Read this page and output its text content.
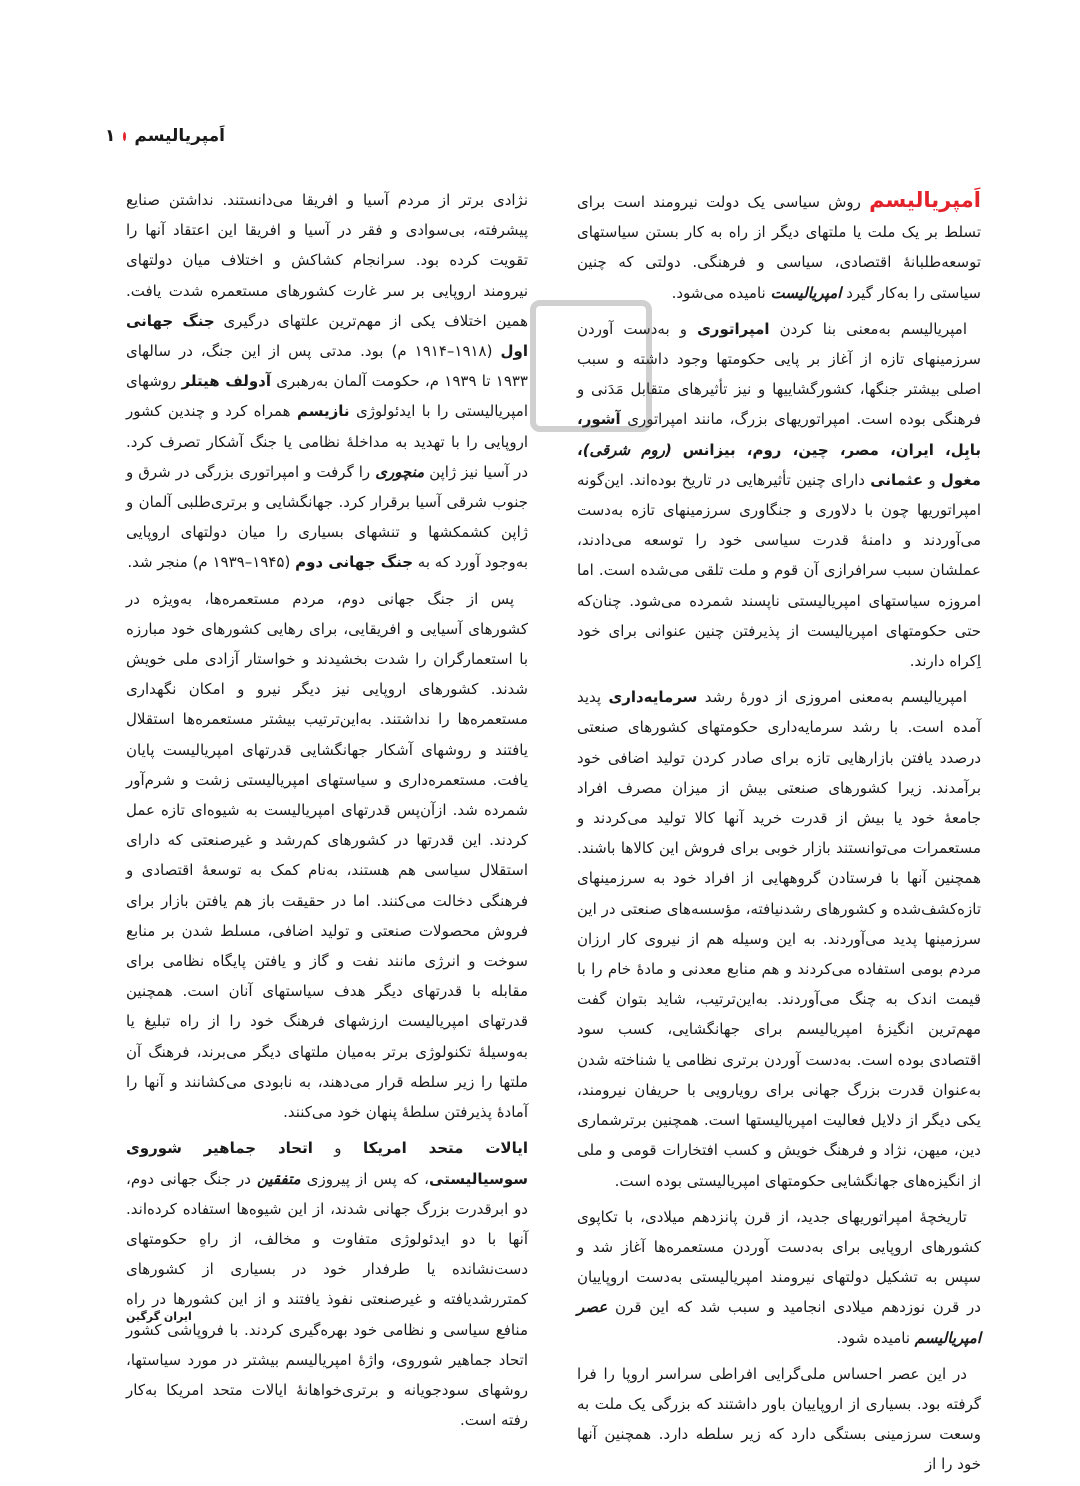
اَمپریالیسم
۱

اَمپریالیسم روش سیاسی یک دولت نیرومند است برای تسلط بر یک ملت یا ملتهای دیگر از راه به کار بستن سیاستهای توسعه‌طلبانهٔ اقتصادی، سیاسی و فرهنگی. دولتی که چنین سیاستی را به‌کار گیرد امپریالیست نامیده می‌شود.

امپریالیسم به‌معنی بنا کردن امپراتوری و به‌دست آوردن سرزمینهای تازه از آغاز بر پایی حکومتها وجود داشته و سبب اصلی بیشتر جنگها، کشورگشاییها و نیز تأثیرهای متقابل مَدَنی و فرهنگی بوده است. امپراتوریهای بزرگ، مانند امپراتوری آشور، بابِل، ایران، مصر، چین، روم، بیزانس (روم شرقی)، مغول و عثمانی دارای چنین تأثیرهایی در تاریخ بوده‌اند. این‌گونه امپراتوریها چون با دلاوری و جنگاوری سرزمینهای تازه به‌دست می‌آوردند و دامنهٔ قدرت سیاسی خود را توسعه می‌دادند، عملشان سبب سرافرازی آن قوم و ملت تلقی می‌شده است. اما امروزه سیاستهای امپریالیستی ناپسند شمرده می‌شود. چنان‌که حتی حکومتهای امپریالیست از پذیرفتن چنین عنوانی برای خود اِکراه دارند.

امپریالیسم به‌معنی امروزی از دورهٔ رشد سرمایه‌داری پدید آمده است. با رشد سرمایه‌داری حکومتهای کشورهای صنعتی درصدد یافتن بازارهایی تازه برای صادر کردن تولید اضافی خود برآمدند. زیرا کشورهای صنعتی بیش از میزان مصرف افراد جامعهٔ خود یا بیش از قدرت خرید آنها کالا تولید می‌کردند و مستعمرات می‌توانستند بازار خوبی برای فروش این کالاها باشند. همچنین آنها با فرستادن گروههایی از افراد خود به سرزمینهای تازه‌کشف‌شده و کشورهای رشدنیافته، مؤسسه‌های صنعتی در این سرزمینها پدید می‌آوردند. به این وسیله هم از نیروی کار ارزان مردم بومی استفاده می‌کردند و هم منابع معدنی و مادهٔ خام را با قیمت اندک به چنگ می‌آوردند. به‌این‌ترتیب، شاید بتوان گفت مهم‌ترین انگیزهٔ امپریالیسم برای جهانگشایی، کسب سود اقتصادی بوده است. به‌دست آوردن برتری نظامی یا شناخته شدن به‌عنوان قدرت بزرگ جهانی برای رویارویی با حریفان نیرومند، یکی دیگر از دلایل فعالیت امپریالیستها است. همچنین برترشماری دین، میهن، نژاد و فرهنگ خویش و کسب افتخارات قومی و ملی از انگیزه‌های جهانگشایی حکومتهای امپریالیستی بوده است.

تاریخچهٔ امپراتوریهای جدید، از قرن پانزدهم میلادی، با تکاپوی کشورهای اروپایی برای به‌دست آوردن مستعمره‌ها آغاز شد و سپس به تشکیل دولتهای نیرومند امپریالیستی به‌دست اروپاییان در قرن نوزدهم میلادی انجامید و سبب شد که این قرن عصر امپریالیسم نامیده شود.

در این عصر احساس ملی‌گرایی افراطی سراسر اروپا را فرا گرفته بود. بسیاری از اروپاییان باور داشتند که بزرگی یک ملت به وسعت سرزمینی بستگی دارد که زیر سلطه دارد. همچنین آنها خود را از

نژادی برتر از مردم آسیا و افریقا می‌دانستند. نداشتن صنایع پیشرفته، بی‌سوادی و فقر در آسیا و افریقا این اعتقاد آنها را تقویت کرده بود. سرانجام کشاکش و اختلاف میان دولتهای نیرومند اروپایی بر سر غارت کشورهای مستعمره شدت یافت. همین اختلاف یکی از مهم‌ترین علتهای درگیری جنگ جهانی اول (۱۹۱۸–۱۹۱۴ م) بود. مدتی پس از این جنگ، در سالهای ۱۹۳۳ تا ۱۹۳۹ م، حکومت آلمان به‌رهبری آدولف هیتلر روشهای امپریالیستی را با ایدئولوژی نازیسم همراه کرد و چندین کشور اروپایی را با تهدید به مداخلهٔ نظامی یا جنگ آشکار تصرف کرد. در آسیا نیز ژاپن منچوری را گرفت و امپراتوری بزرگی در شرق و جنوب شرقی آسیا برقرار کرد. جهانگشایی و برتری‌طلبی آلمان و ژاپن کشمکشها و تنشهای بسیاری را میان دولتهای اروپایی به‌وجود آورد که به جنگ جهانی دوم (۱۹۴۵–۱۹۳۹ م) منجر شد.

پس از جنگ جهانی دوم، مردم مستعمره‌ها، به‌ویژه در کشورهای آسیایی و افریقایی، برای رهایی کشورهای خود مبارزه با استعمارگران را شدت بخشیدند و خواستار آزادی ملی خویش شدند. کشورهای اروپایی نیز دیگر نیرو و امکان نگهداری مستعمره‌ها را نداشتند. به‌این‌ترتیب بیشتر مستعمره‌ها استقلال یافتند و روشهای آشکار جهانگشایی قدرتهای امپریالیست پایان یافت. مستعمره‌داری و سیاستهای امپریالیستی زشت و شرم‌آور شمرده شد. ازآن‌پس قدرتهای امپریالیست به شیوه‌ای تازه عمل کردند. این قدرتها در کشورهای کم‌رشد و غیرصنعتی که دارای استقلال سیاسی هم هستند، به‌نام کمک به توسعهٔ اقتصادی و فرهنگی دخالت می‌کنند. اما در حقیقت باز هم یافتن بازار برای فروش محصولات صنعتی و تولید اضافی، مسلط شدن بر منابع سوخت و انرژی مانند نفت و گاز و یافتن پایگاه نظامی برای مقابله با قدرتهای دیگر هدف سیاستهای آنان است. همچنین قدرتهای امپریالیست ارزشهای فرهنگ خود را از راه تبلیغ یا به‌وسیلهٔ تکنولوژی برتر به‌میان ملتهای دیگر می‌برند، فرهنگ آن ملتها را زیر سلطه قرار می‌دهند، به نابودی می‌کشانند و آنها را آمادهٔ پذیرفتن سلطهٔ پنهان خود می‌کنند.

ایالات متحد امریکا و اتحاد جماهیر شوروی سوسیالیستی، که پس از پیروزی متفقین در جنگ جهانی دوم، دو ابرقدرت بزرگ جهانی شدند، از این شیوه‌ها استفاده کرده‌اند. آنها با دو ایدئولوژی متفاوت و مخالف، از راهِ حکومتهای دست‌نشانده یا طرفدار خود در بسیاری از کشورهای کمتررشدیافته و غیرصنعتی نفوذ یافتند و از این کشورها در راه منافع سیاسی و نظامی خود بهره‌گیری کردند. با فروپاشی کشور اتحاد جماهیر شوروی، واژهٔ امپریالیسم بیشتر در مورد سیاستها، روشهای سودجویانه و برتری‌خواهانهٔ ایالات متحد امریکا به‌کار رفته است.

ایران گرگین
